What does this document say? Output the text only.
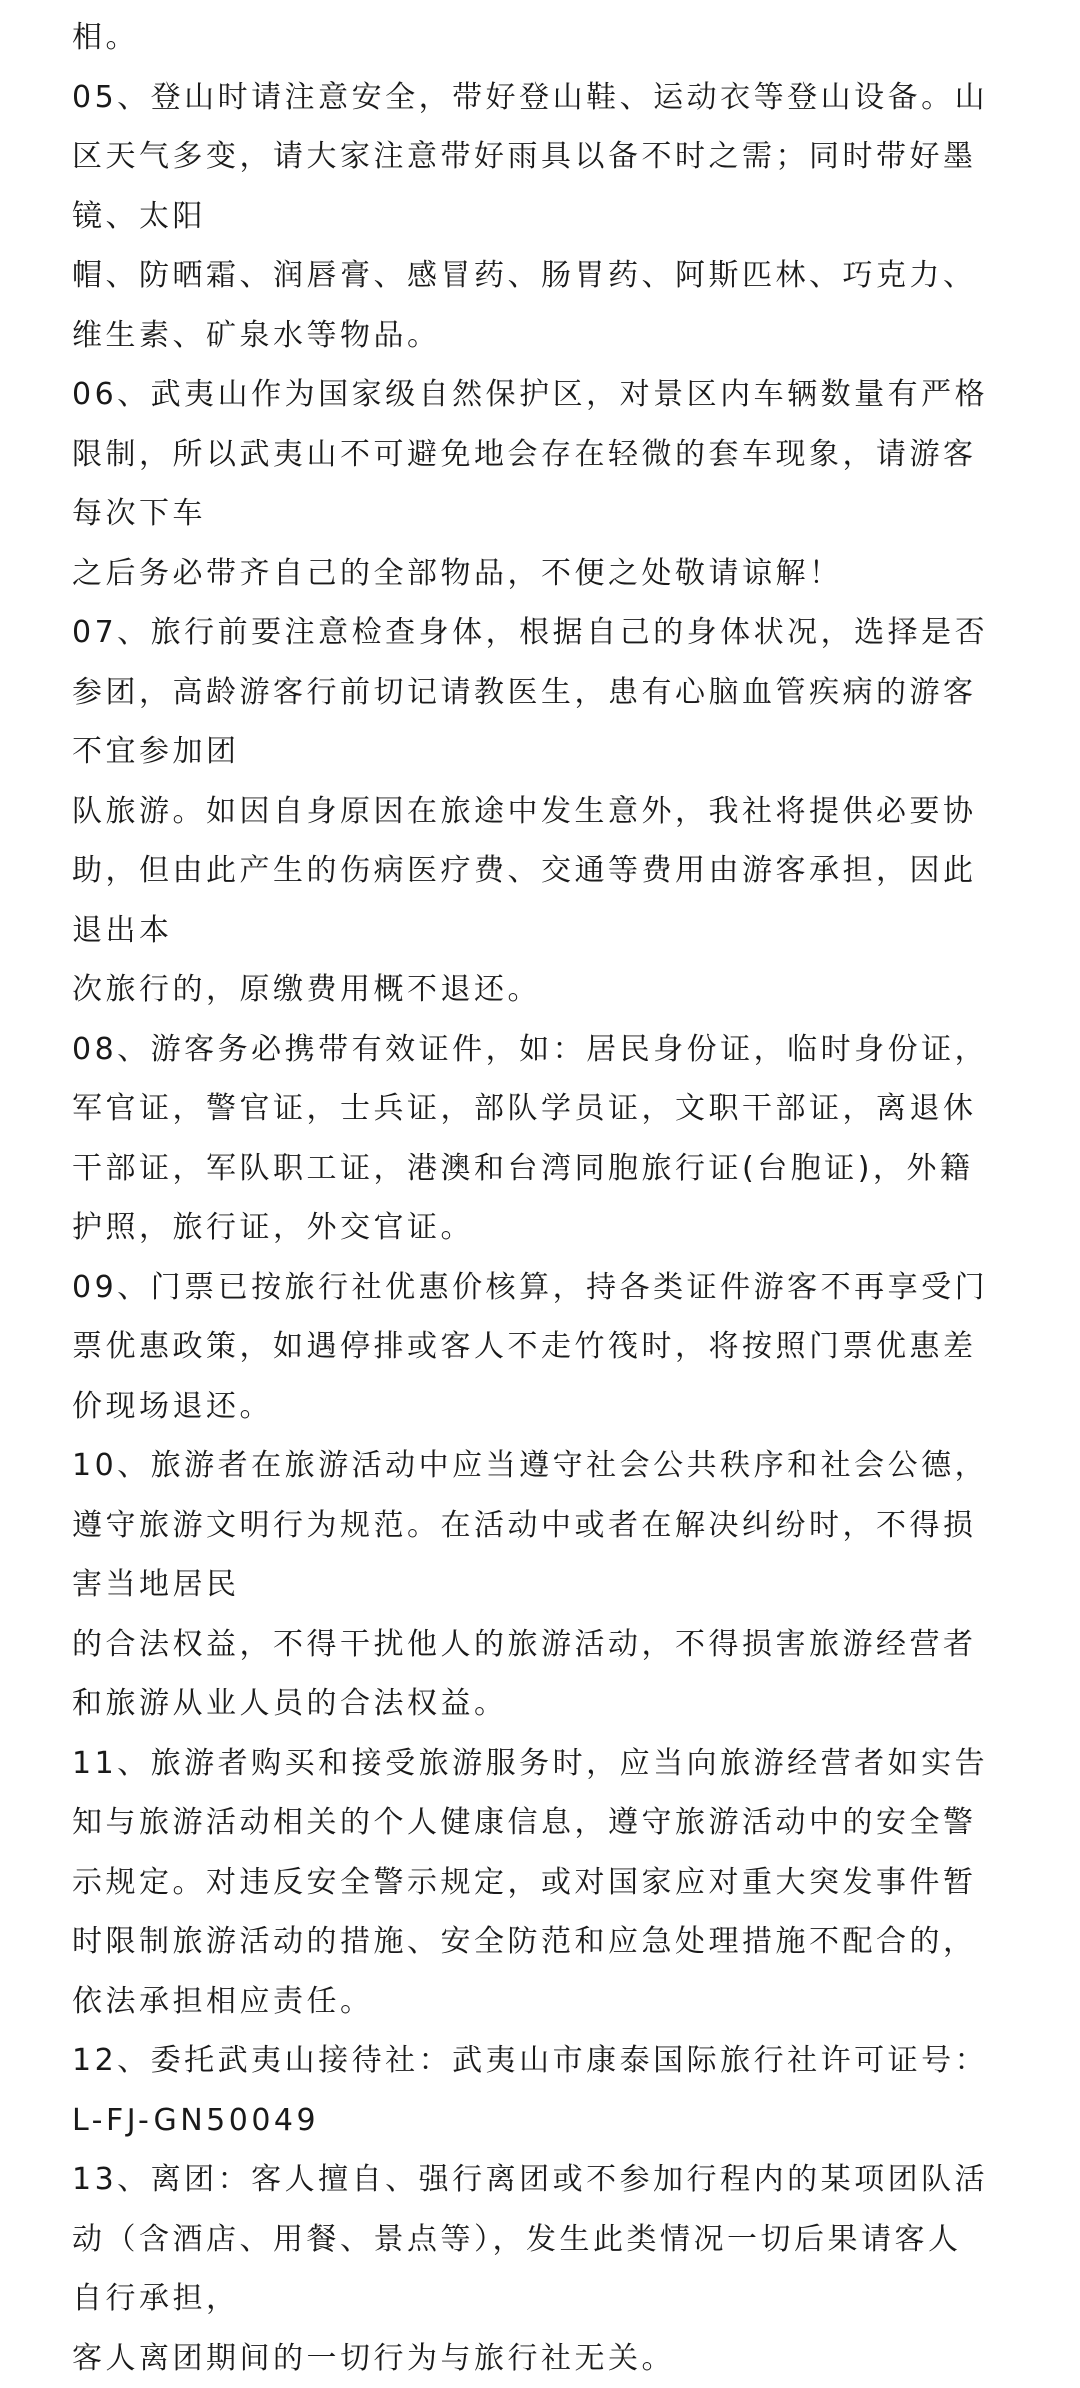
相。
05、登山时请注意安全，带好登山鞋、运动衣等登山设备。山
区天气多变，请大家注意带好雨具以备不时之需；同时带好墨
镜、太阳
帽、防晒霜、润唇膏、感冒药、肠胃药、阿斯匹林、巧克力、
维生素、矿泉水等物品。
06、武夷山作为国家级自然保护区，对景区内车辆数量有严格
限制，所以武夷山不可避免地会存在轻微的套车现象，请游客
每次下车
之后务必带齐自己的全部物品，不便之处敬请谅解！
07、旅行前要注意检查身体，根据自己的身体状况，选择是否
参团，高龄游客行前切记请教医生，患有心脑血管疾病的游客
不宜参加团
队旅游。如因自身原因在旅途中发生意外，我社将提供必要协
助，但由此产生的伤病医疗费、交通等费用由游客承担，因此
退出本
次旅行的，原缴费用概不退还。
08、游客务必携带有效证件，如：居民身份证，临时身份证，
军官证，警官证，士兵证，部队学员证，文职干部证，离退休
干部证，军队职工证，港澳和台湾同胞旅行证(台胞证)，外籍
护照，旅行证，外交官证。
09、门票已按旅行社优惠价核算，持各类证件游客不再享受门
票优惠政策，如遇停排或客人不走竹筏时，将按照门票优惠差
价现场退还。
10、旅游者在旅游活动中应当遵守社会公共秩序和社会公德，
遵守旅游文明行为规范。在活动中或者在解决纠纷时，不得损
害当地居民
的合法权益，不得干扰他人的旅游活动，不得损害旅游经营者
和旅游从业人员的合法权益。
11、旅游者购买和接受旅游服务时，应当向旅游经营者如实告
知与旅游活动相关的个人健康信息，遵守旅游活动中的安全警
示规定。对违反安全警示规定，或对国家应对重大突发事件暂
时限制旅游活动的措施、安全防范和应急处理措施不配合的，
依法承担相应责任。
12、委托武夷山接待社：武夷山市康泰国际旅行社许可证号：
L-FJ-GN50049
13、离团：客人擅自、强行离团或不参加行程内的某项团队活
动（含酒店、用餐、景点等），发生此类情况一切后果请客人
自行承担，
客人离团期间的一切行为与旅行社无关。
